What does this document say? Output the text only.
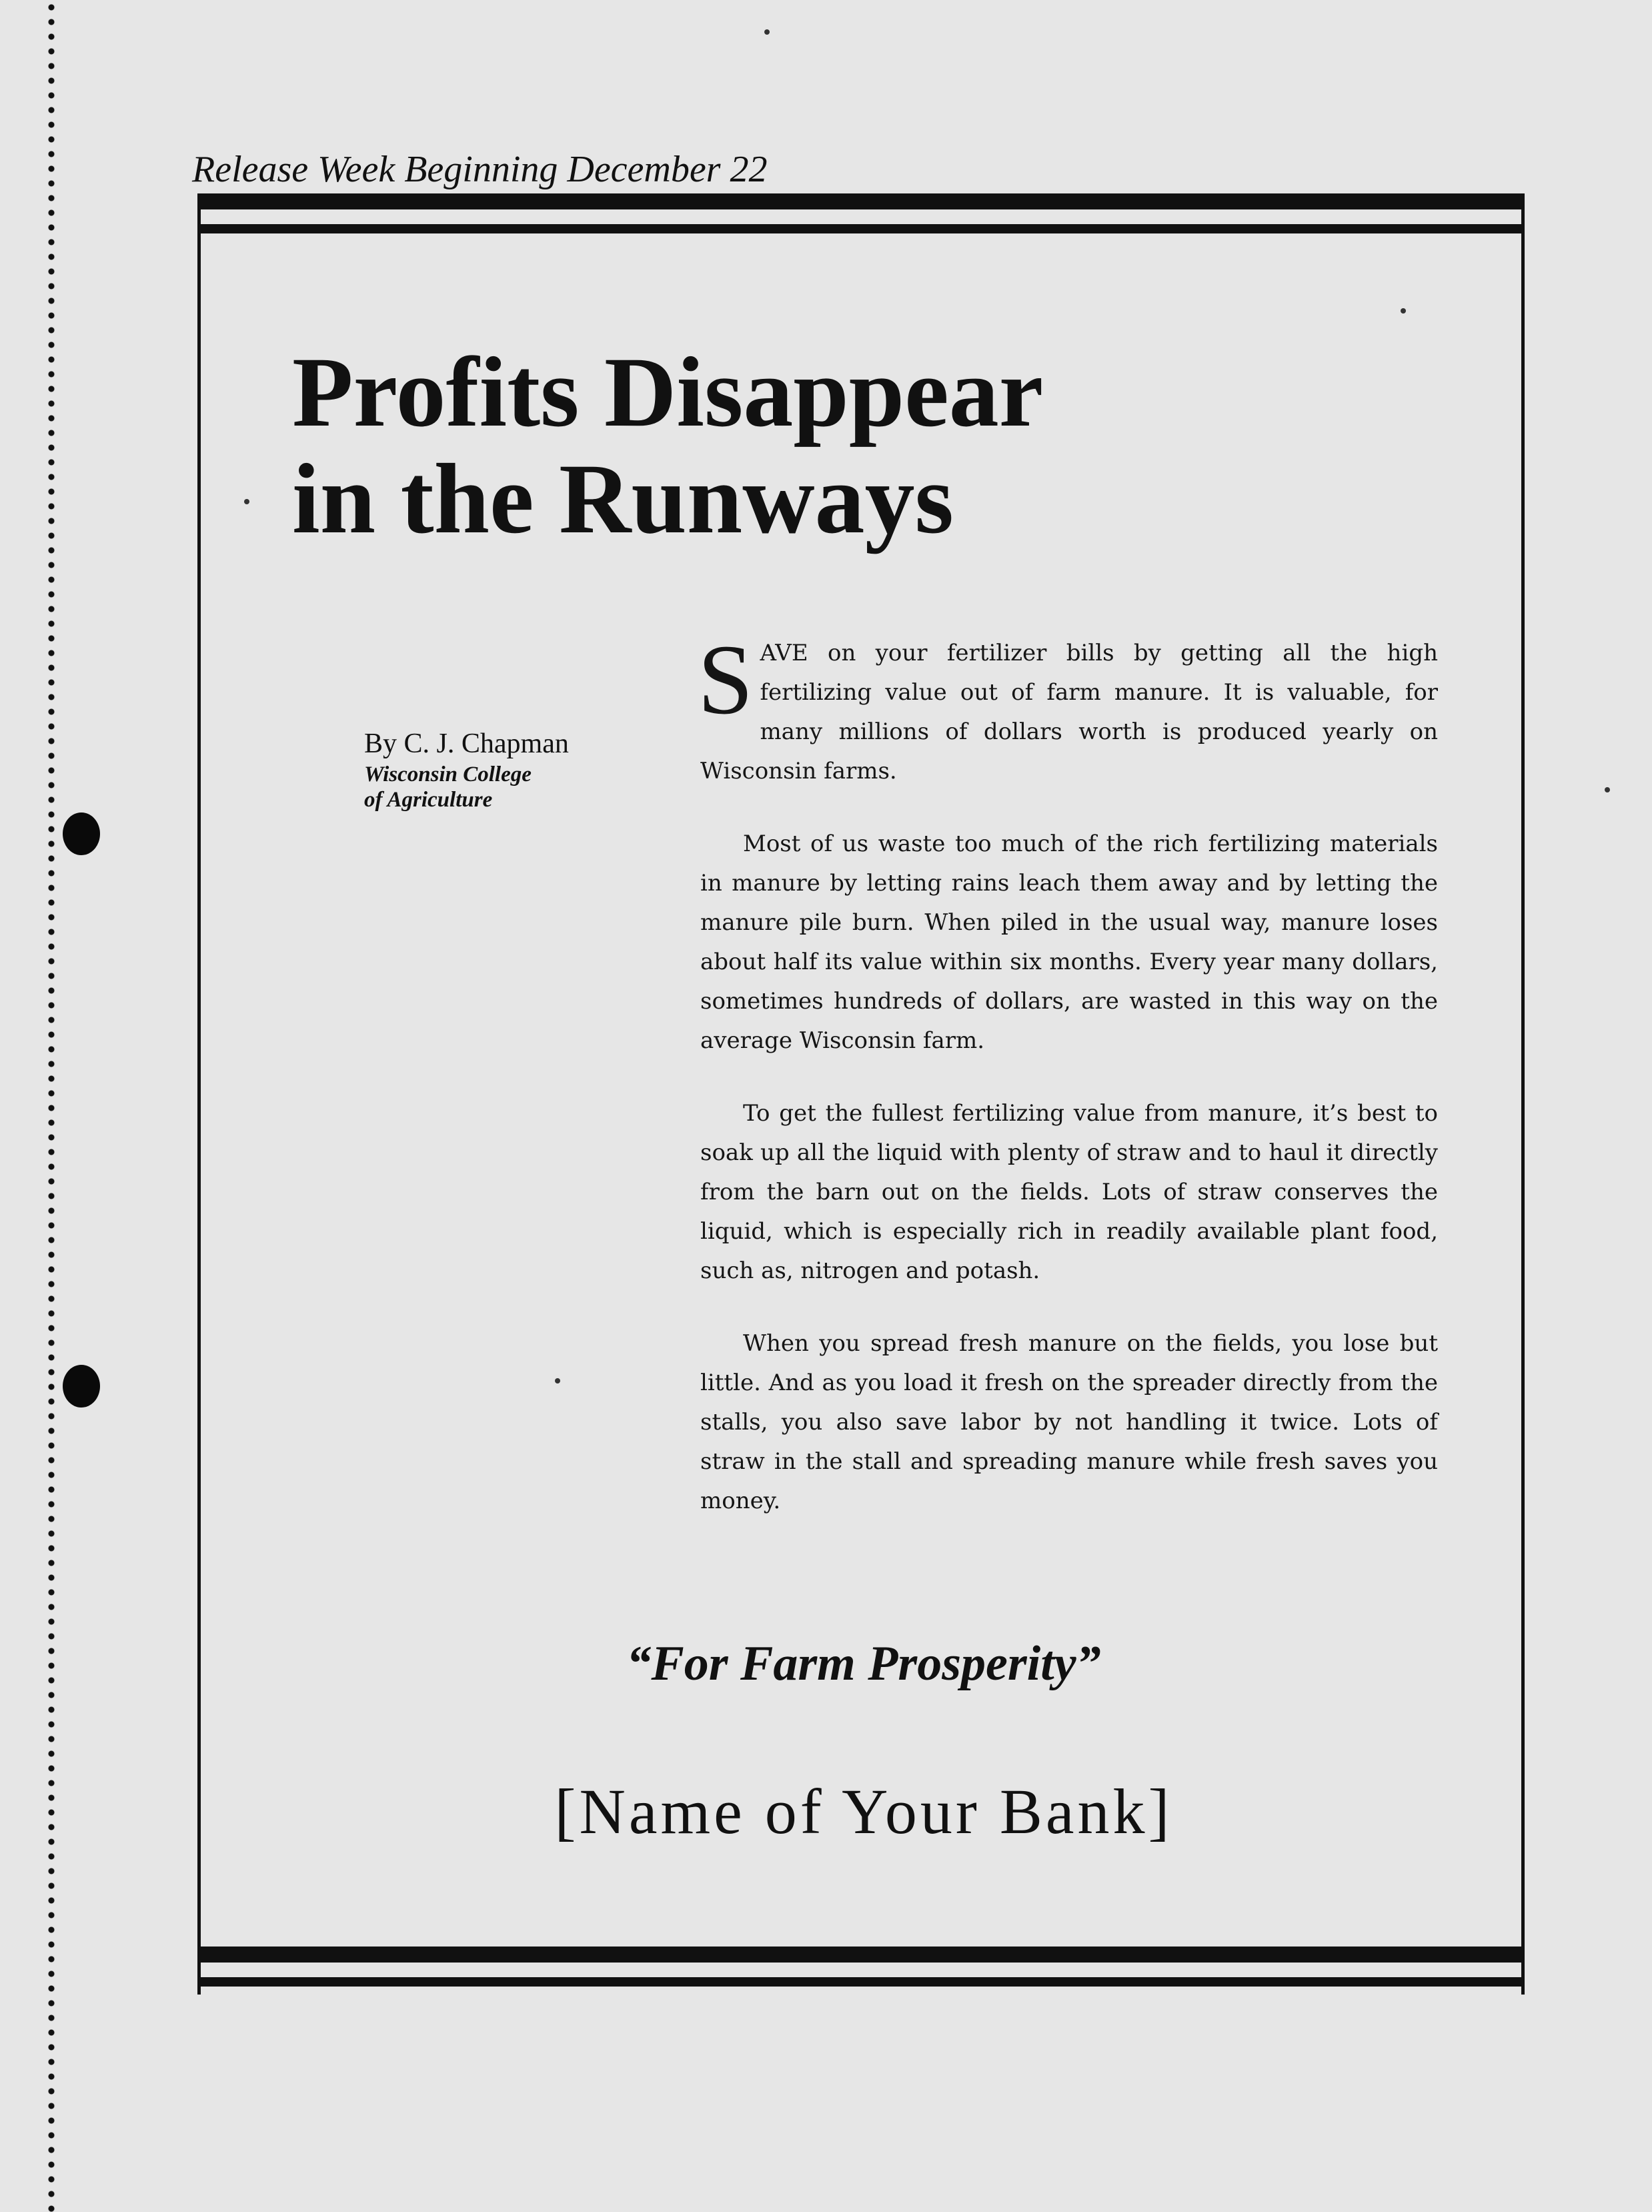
Release Week Beginning December 22
Profits Disappear
in the Runways
By C. J. Chapman
Wisconsin College
of Agriculture

SAVE on your fertilizer bills by getting all the high fertilizing value out of farm manure. It is valuable, for many millions of dollars worth is produced yearly on Wisconsin farms.

Most of us waste too much of the rich fertilizing materials in manure by letting rains leach them away and by letting the manure pile burn. When piled in the usual way, manure loses about half its value within six months. Every year many dollars, sometimes hundreds of dollars, are wasted in this way on the average Wisconsin farm.

To get the fullest fertilizing value from manure, it’s best to soak up all the liquid with plenty of straw and to haul it directly from the barn out on the fields. Lots of straw conserves the liquid, which is especially rich in readily available plant food, such as, nitrogen and potash.

When you spread fresh manure on the fields, you lose but little. And as you load it fresh on the spreader directly from the stalls, you also save labor by not handling it twice. Lots of straw in the stall and spreading manure while fresh saves you money.

“For Farm Prosperity”
[Name of Your Bank]
